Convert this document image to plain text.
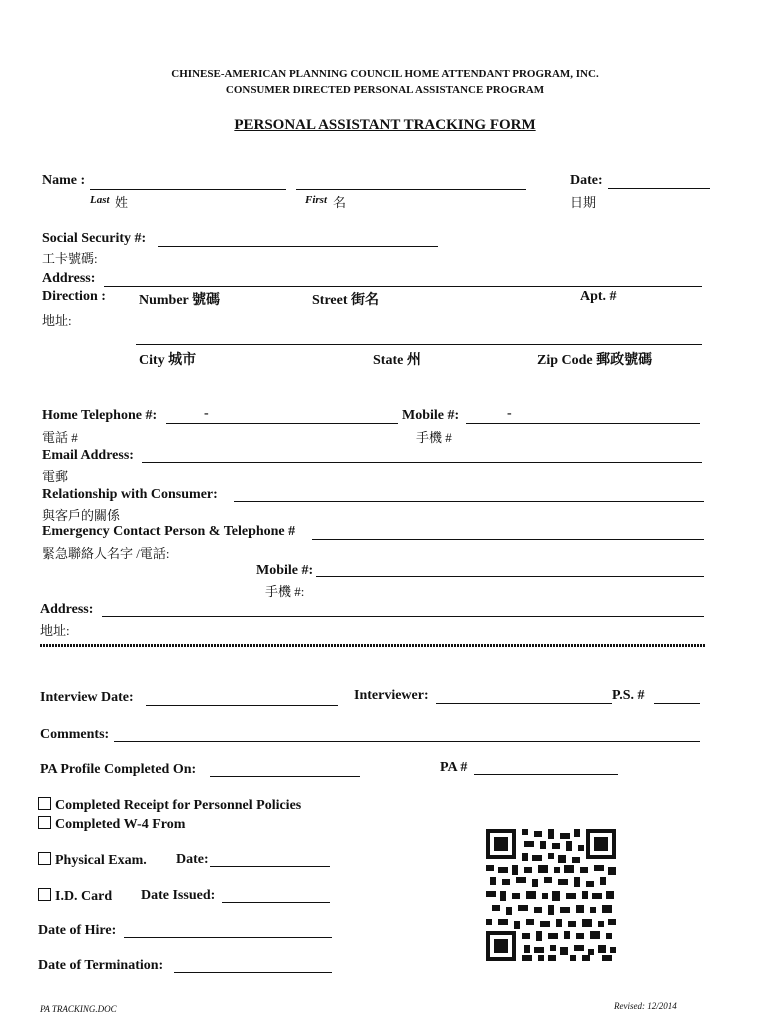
CHINESE-AMERICAN PLANNING COUNCIL HOME ATTENDANT PROGRAM, INC.
CONSUMER DIRECTED PERSONAL ASSISTANCE PROGRAM
PERSONAL ASSISTANT TRACKING FORM
Name :
Last 姓	First 名
Date:
日期
Social Security #:
工卡號碼:
Address:
Direction : Number 號碼	Street 街名	Apt. #
地址:
City 城市	State 州	Zip Code 郵政號碼
Home Telephone #:	-	Mobile #:	-
電話 #	手機 #
Email Address:
電郵
Relationship with Consumer:
與客戶的關係
Emergency Contact Person & Telephone #
緊急聯絡人名字 /電話:
Mobile #:
手機 #:
Address:
地址:
Interview Date:	Interviewer:	P.S. #
Comments:
PA Profile Completed On:	PA #
Completed Receipt for Personnel Policies
Completed W-4 From
Physical Exam. Date:
I.D. Card Date Issued:
Date of Hire:
Date of Termination:
PA TRACKING.DOC	Revised: 12/2014
